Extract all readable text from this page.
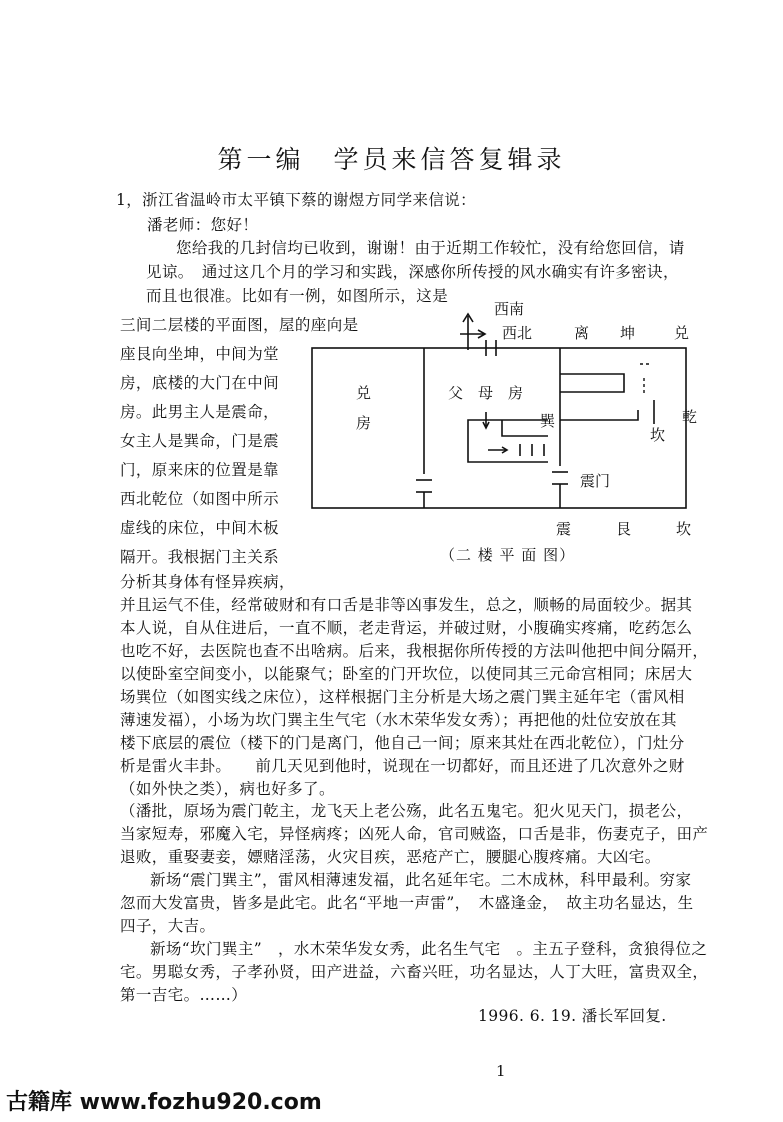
第一编　学员来信答复辑录
1，浙江省温岭市太平镇下蔡的谢煜方同学来信说：
潘老师：您好！
您给我的几封信均已收到，谢谢！由于近期工作较忙，没有给您回信，请
见谅。　通过这几个月的学习和实践，深感你所传授的风水确实有许多密诀，
而且也很准。比如有一例，如图所示，这是
三间二层楼的平面图，屋的座向是
座艮向坐坤，中间为堂
房，底楼的大门在中间
房。此男主人是震命，
女主人是巽命，门是震
门，原来床的位置是靠
西北乾位（如图中所示
虚线的床位，中间木板
隔开。我根据门主关系
分析其身体有怪异疾病，
并且运气不佳，经常破财和有口舌是非等凶事发生，总之，顺畅的局面较少。据其
本人说，自从住进后，一直不顺，老走背运，并破过财，小腹确实疼痛，吃药怎么
也吃不好，去医院也查不出啥病。后来，我根据你所传授的方法叫他把中间分隔开，
以使卧室空间变小，以能聚气；卧室的门开坎位，以使同其三元命宫相同；床居大
场巽位（如图实线之床位），这样根据门主分析是大场之震门巽主延年宅（雷风相
薄速发福），小场为坎门巽主生气宅（水木荣华发女秀）；再把他的灶位安放在其
楼下底层的震位（楼下的门是离门，他自己一间；原来其灶在西北乾位），门灶分
析是雷火丰卦。　　前几天见到他时，说现在一切都好，而且还进了几次意外之财
（如外快之类），病也好多了。
（潘批，原场为震门乾主，龙飞天上老公殇，此名五鬼宅。犯火见天门，损老公，
当家短寿，邪魔入宅，异怪病疼；凶死人命，官司贼盗，口舌是非，伤妻克子，田产
退败，重娶妻妾，嫖赌淫荡，火灾目疾，恶疮产亡，腰腿心腹疼痛。大凶宅。
新场“震门巽主”，雷风相薄速发福，此名延年宅。二木成林，科甲最利。穷家
忽而大发富贵，皆多是此宅。此名“平地一声雷”，　木盛逢金，　故主功名显达，生
四子，大吉。
新场“坎门巽主”　，水木荣华发女秀，此名生气宅　。主五子登科，贪狼得位之
宅。男聪女秀，子孝孙贤，田产进益，六畜兴旺，功名显达，人丁大旺，富贵双全，
第一吉宅。……）
1996. 6. 19. 潘长军回复.
1
古籍库 www.fozhu920.com
西南
西北	离 坤	兑
兑
房
父　母　房
巽
震门
坎
乾
震	艮	坎
（二 楼 平 面 图）
